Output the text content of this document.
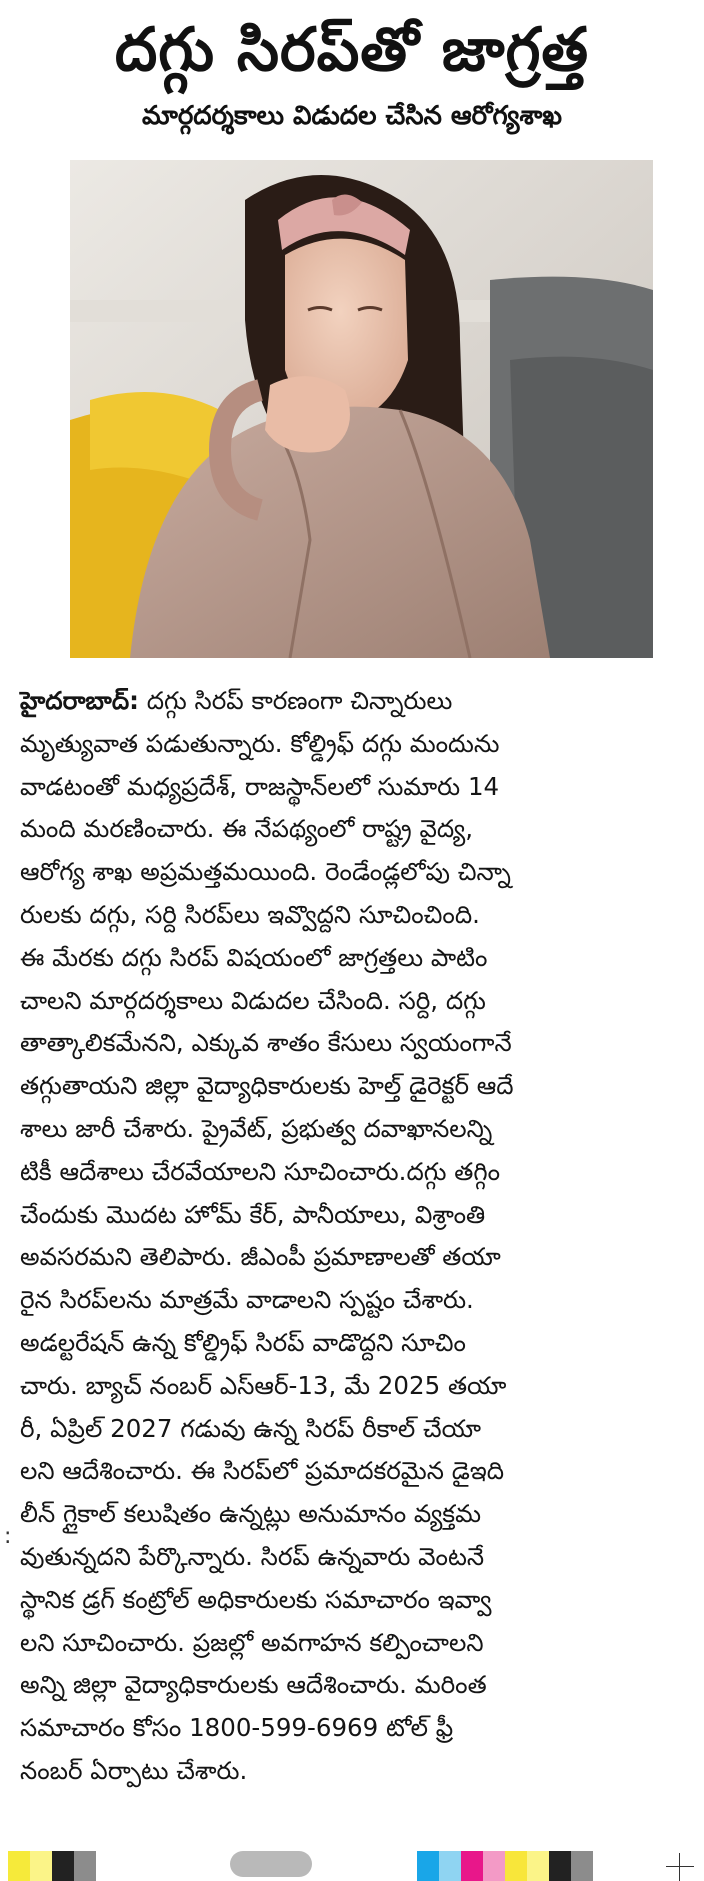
దగ్గు సిరప్‌తో జాగ్రత్త
మార్గదర్శకాలు విడుదల చేసిన ఆరోగ్యశాఖ
హైదరాబాద్: దగ్గు సిరప్ కారణంగా చిన్నారులు
మృత్యువాత పడుతున్నారు. కోల్డ్రిఫ్ దగ్గు మందును
వాడటంతో మధ్యప్రదేశ్, రాజస్థాన్‌లలో సుమారు 14
మంది మరణించారు. ఈ నేపథ్యంలో రాష్ట్ర వైద్య,
ఆరోగ్య శాఖ అప్రమత్తమయింది. రెండేండ్లలోపు చిన్నా
రులకు దగ్గు, సర్ది సిరప్‌లు ఇవ్వొద్దని సూచించింది.
ఈ మేరకు దగ్గు సిరప్ విషయంలో జాగ్రత్తలు పాటిం
చాలని మార్గదర్శకాలు విడుదల చేసింది. సర్ది, దగ్గు
తాత్కాలికమేనని, ఎక్కువ శాతం కేసులు స్వయంగానే
తగ్గుతాయని జిల్లా వైద్యాధికారులకు హెల్త్ డైరెక్టర్ ఆదే
శాలు జారీ చేశారు. ప్రైవేట్, ప్రభుత్వ దవాఖానలన్ని
టికీ ఆదేశాలు చేరవేయాలని సూచించారు.దగ్గు తగ్గిం
చేందుకు మొదట హోమ్ కేర్, పానీయాలు, విశ్రాంతి
అవసరమని తెలిపారు. జీఎంపీ ప్రమాణాలతో తయా
రైన సిరప్‌లను మాత్రమే వాడాలని స్పష్టం చేశారు.
అడల్టరేషన్ ఉన్న కోల్డ్రిఫ్ సిరప్ వాడొద్దని సూచిం
చారు. బ్యాచ్ నంబర్ ఎస్ఆర్-13, మే 2025 తయా
రీ, ఏప్రిల్ 2027 గడువు ఉన్న సిరప్ రీకాల్ చేయా
లని ఆదేశించారు. ఈ సిరప్‌లో ప్రమాదకరమైన డైఇది
లీన్ గ్లైకాల్ కలుషితం ఉన్నట్లు అనుమానం వ్యక్తమ
వుతున్నదని పేర్కొన్నారు. సిరప్ ఉన్నవారు వెంటనే
స్థానిక డ్రగ్ కంట్రోల్ అధికారులకు సమాచారం ఇవ్వా
లని సూచించారు. ప్రజల్లో అవగాహన కల్పించాలని
అన్ని జిల్లా వైద్యాధికారులకు ఆదేశించారు. మరింత
సమాచారం కోసం 1800-599-6969 టోల్ ఫ్రీ
నంబర్ ఏర్పాటు చేశారు.
:
